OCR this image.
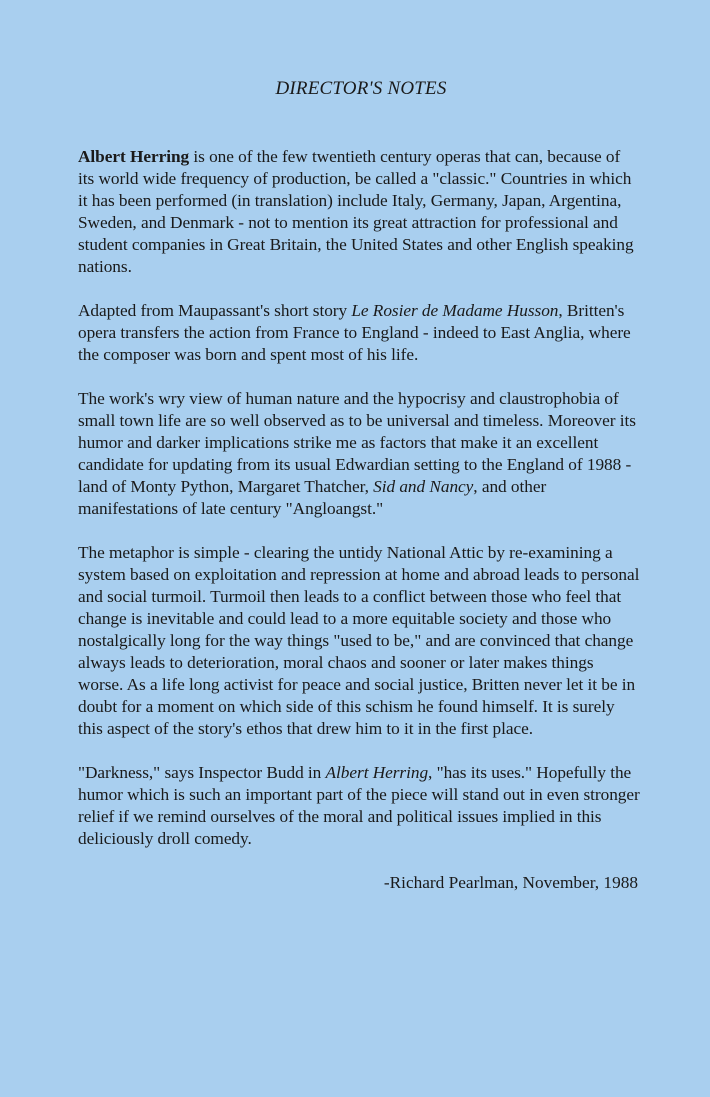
DIRECTOR'S NOTES

Albert Herring is one of the few twentieth century operas that can, because of its world wide frequency of production, be called a "classic." Countries in which it has been performed (in translation) include Italy, Germany, Japan, Argentina, Sweden, and Denmark - not to mention its great attraction for professional and student companies in Great Britain, the United States and other English speaking nations.

Adapted from Maupassant's short story Le Rosier de Madame Husson, Britten's opera transfers the action from France to England - indeed to East Anglia, where the composer was born and spent most of his life.

The work's wry view of human nature and the hypocrisy and claustrophobia of small town life are so well observed as to be universal and timeless. Moreover its humor and darker implications strike me as factors that make it an excellent candidate for updating from its usual Edwardian setting to the England of 1988 - land of Monty Python, Margaret Thatcher, Sid and Nancy, and other manifestations of late century "Angloangst."

The metaphor is simple - clearing the untidy National Attic by re-examining a system based on exploitation and repression at home and abroad leads to personal and social turmoil. Turmoil then leads to a conflict between those who feel that change is inevitable and could lead to a more equitable society and those who nostalgically long for the way things "used to be," and are convinced that change always leads to deterioration, moral chaos and sooner or later makes things worse. As a life long activist for peace and social justice, Britten never let it be in doubt for a moment on which side of this schism he found himself. It is surely this aspect of the story's ethos that drew him to it in the first place.

"Darkness," says Inspector Budd in Albert Herring, "has its uses." Hopefully the humor which is such an important part of the piece will stand out in even stronger relief if we remind ourselves of the moral and political issues implied in this deliciously droll comedy.

-Richard Pearlman, November, 1988
